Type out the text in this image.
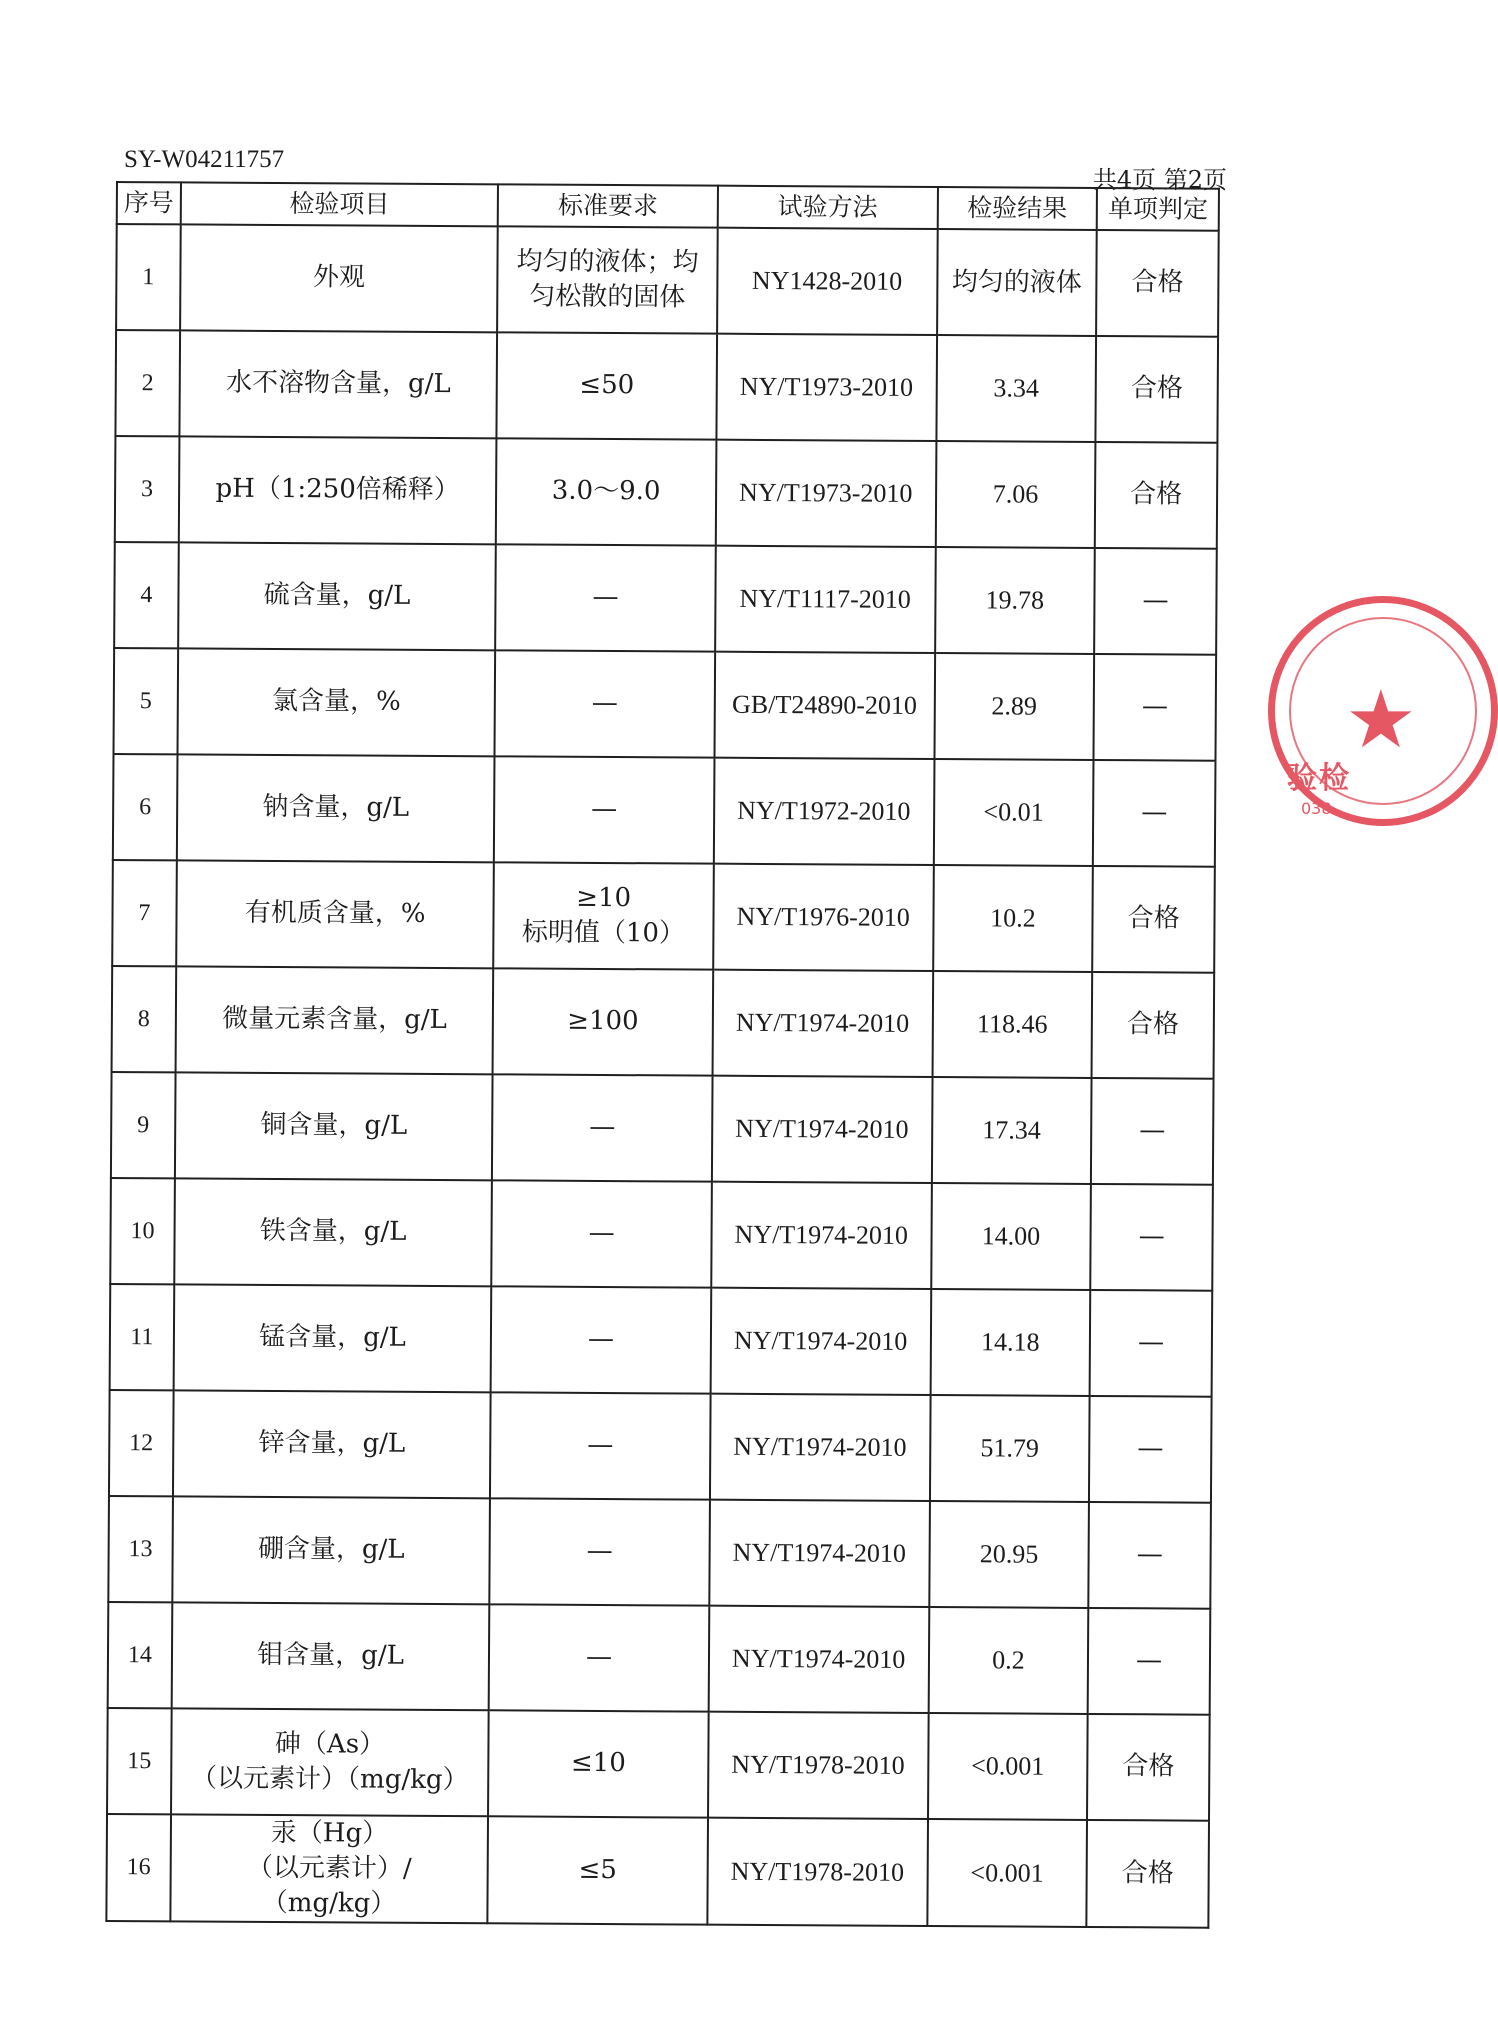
SY-W04211757
共4页 第2页
序号	检验项目	标准要求	试验方法	检验结果	单项判定
1	外观	均匀的液体；均
匀松散的固体	NY1428-2010	均匀的液体	合格
2	水不溶物含量，g/L	≤50	NY/T1973-2010	3.34	合格
3	pH（1:250倍稀释）	3.0～9.0	NY/T1973-2010	7.06	合格
4	硫含量，g/L	—	NY/T1117-2010	19.78	—
5	氯含量，%	—	GB/T24890-2010	2.89	—
6	钠含量，g/L	—	NY/T1972-2010	<0.01	—
7	有机质含量，%	≥10
标明值（10）	NY/T1976-2010	10.2	合格
8	微量元素含量，g/L	≥100	NY/T1974-2010	118.46	合格
9	铜含量，g/L	—	NY/T1974-2010	17.34	—
10	铁含量，g/L	—	NY/T1974-2010	14.00	—
11	锰含量，g/L	—	NY/T1974-2010	14.18	—
12	锌含量，g/L	—	NY/T1974-2010	51.79	—
13	硼含量，g/L	—	NY/T1974-2010	20.95	—
14	钼含量，g/L	—	NY/T1974-2010	0.2	—
15	砷（As）
（以元素计）（mg/kg）	≤10	NY/T1978-2010	<0.001	合格
16	汞（Hg）
（以元素计）/
（mg/kg）	≤5	NY/T1978-2010	<0.001	合格
★
验检
038
